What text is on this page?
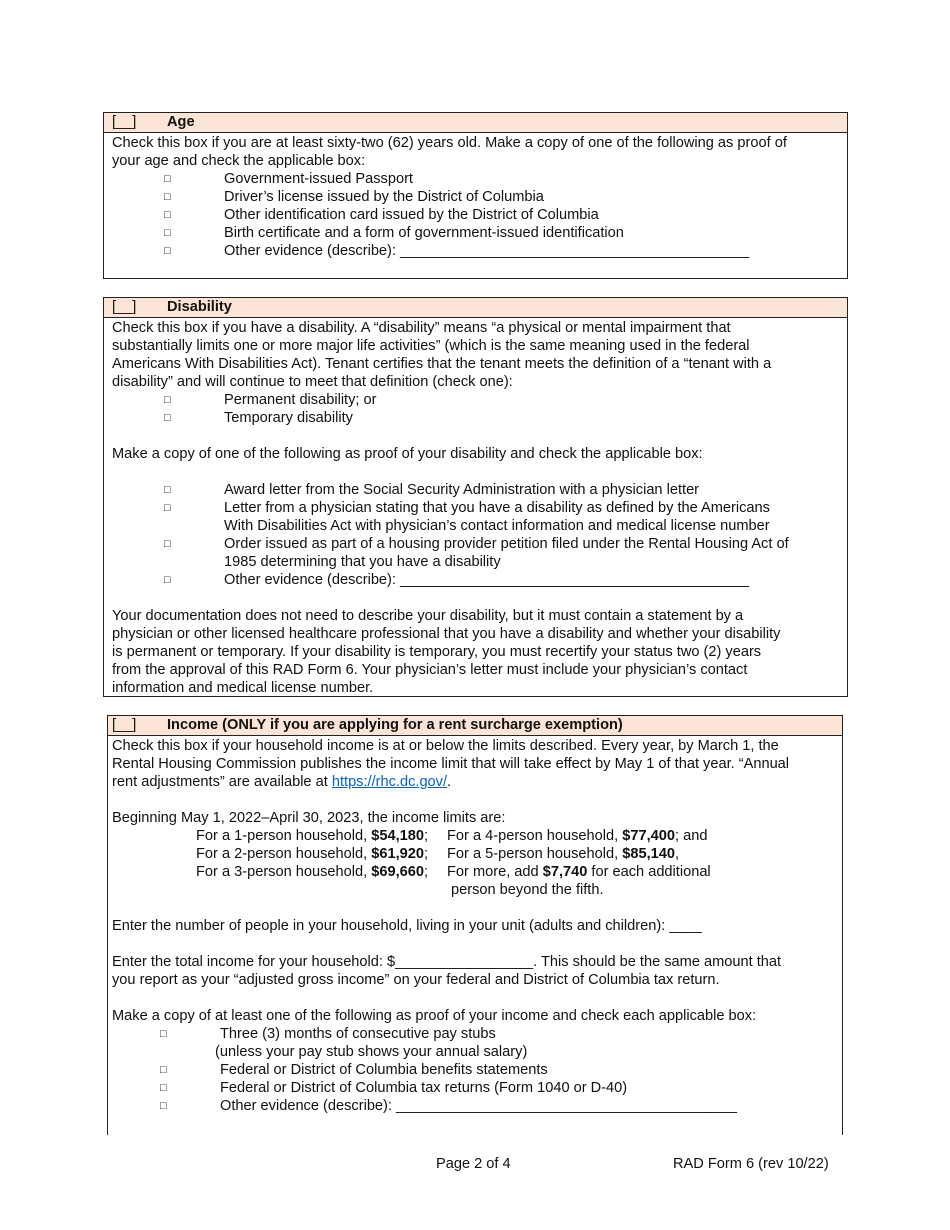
[__] Age
Check this box if you are at least sixty-two (62) years old. Make a copy of one of the following as proof of
your age and check the applicable box:
□	Government-issued Passport
□	Driver’s license issued by the District of Columbia
□	Other identification card issued by the District of Columbia
□	Birth certificate and a form of government-issued identification
□	Other evidence (describe): ___________________________________________
[__] Disability
Check this box if you have a disability. A “disability” means “a physical or mental impairment that
substantially limits one or more major life activities” (which is the same meaning used in the federal
Americans With Disabilities Act). Tenant certifies that the tenant meets the definition of a “tenant with a
disability” and will continue to meet that definition (check one):
□	Permanent disability; or
□	Temporary disability
Make a copy of one of the following as proof of your disability and check the applicable box:
□	Award letter from the Social Security Administration with a physician letter
□	Letter from a physician stating that you have a disability as defined by the Americans
With Disabilities Act with physician’s contact information and medical license number
□	Order issued as part of a housing provider petition filed under the Rental Housing Act of
1985 determining that you have a disability
□	Other evidence (describe): ___________________________________________
Your documentation does not need to describe your disability, but it must contain a statement by a
physician or other licensed healthcare professional that you have a disability and whether your disability
is permanent or temporary. If your disability is temporary, you must recertify your status two (2) years
from the approval of this RAD Form 6. Your physician’s letter must include your physician’s contact
information and medical license number.
[__] Income (ONLY if you are applying for a rent surcharge exemption)
Check this box if your household income is at or below the limits described. Every year, by March 1, the
Rental Housing Commission publishes the income limit that will take effect by May 1 of that year. “Annual
rent adjustments” are available at https://rhc.dc.gov/.
Beginning May 1, 2022–April 30, 2023, the income limits are:
For a 1-person household, $54,180;	For a 4-person household, $77,400; and
For a 2-person household, $61,920;	For a 5-person household, $85,140,
For a 3-person household, $69,660;	For more, add $7,740 for each additional
person beyond the fifth.
Enter the number of people in your household, living in your unit (adults and children): ____
Enter the total income for your household: $_________________. This should be the same amount that
you report as your “adjusted gross income” on your federal and District of Columbia tax return.
Make a copy of at least one of the following as proof of your income and check each applicable box:
□	Three (3) months of consecutive pay stubs
(unless your pay stub shows your annual salary)
□	Federal or District of Columbia benefits statements
□	Federal or District of Columbia tax returns (Form 1040 or D-40)
□	Other evidence (describe): __________________________________________
Page 2 of 4	RAD Form 6 (rev 10/22)
